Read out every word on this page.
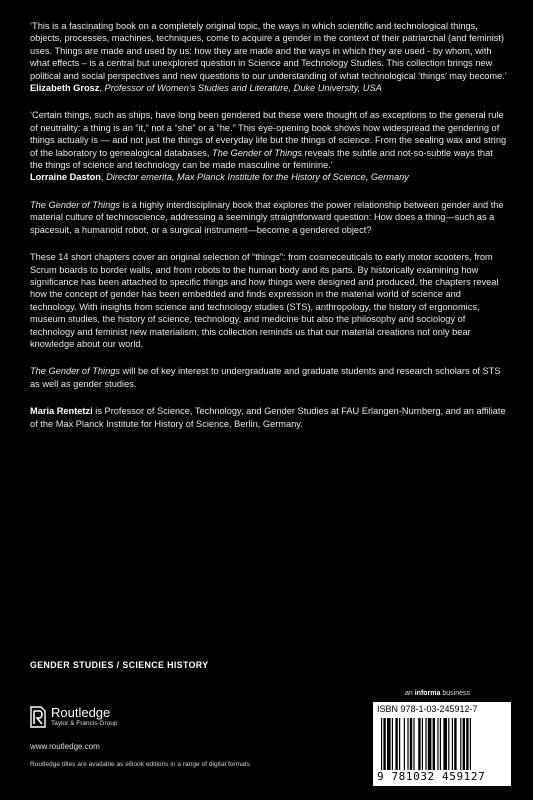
‘This is a fascinating book on a completely original topic, the ways in which scientific and technological things, objects, processes, machines, techniques, come to acquire a gender in the context of their patriarchal (and feminist) uses. Things are made and used by us: how they are made and the ways in which they are used - by whom, with what effects – is a central but unexplored question in Science and Technology Studies. This collection brings new political and social perspectives and new questions to our understanding of what technological ‘things’ may become.’

Elizabeth Grosz, Professor of Women’s Studies and Literature, Duke University, USA

‘Certain things, such as ships, have long been gendered but these were thought of as exceptions to the general rule of neutrality: a thing is an “it,” not a “she” or a “he.” This eye-opening book shows how widespread the gendering of things actually is — and not just the things of everyday life but the things of science. From the sealing wax and string of the laboratory to genealogical databases, The Gender of Things reveals the subtle and not-so-subtle ways that the things of science and technology can be made masculine or feminine.’

Lorraine Daston, Director emerita, Max Planck Institute for the History of Science, Germany

The Gender of Things is a highly interdisciplinary book that explores the power relationship between gender and the material culture of technoscience, addressing a seemingly straightforward question: How does a thing—such as a spacesuit, a humanoid robot, or a surgical instrument—become a gendered object?

These 14 short chapters cover an original selection of “things”: from cosmeceuticals to early motor scooters, from Scrum boards to border walls, and from robots to the human body and its parts. By historically examining how significance has been attached to specific things and how things were designed and produced, the chapters reveal how the concept of gender has been embedded and finds expression in the material world of science and technology. With insights from science and technology studies (STS), anthropology, the history of ergonomics, museum studies, the history of science, technology, and medicine but also the philosophy and sociology of technology and feminist new materialism, this collection reminds us that our material creations not only bear knowledge about our world.

The Gender of Things will be of key interest to undergraduate and graduate students and research scholars of STS as well as gender studies.

Maria Rentetzi is Professor of Science, Technology, and Gender Studies at FAU Erlangen-Nurnberg, and an affiliate of the Max Planck Institute for History of Science, Berlin, Germany.

GENDER STUDIES / SCIENCE HISTORY
Routledge
Taylor & Francis Group
www.routledge.com
Routledge titles are available as eBook editions in a range of digital formats
an informa business
ISBN 978-1-03-245912-7
9 781032 459127
